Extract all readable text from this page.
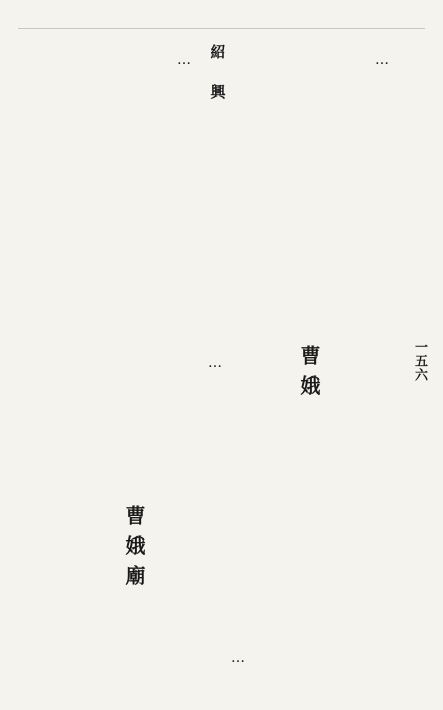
紹
興
一五六
…
…
…
…
曹娥
曹娥廟
